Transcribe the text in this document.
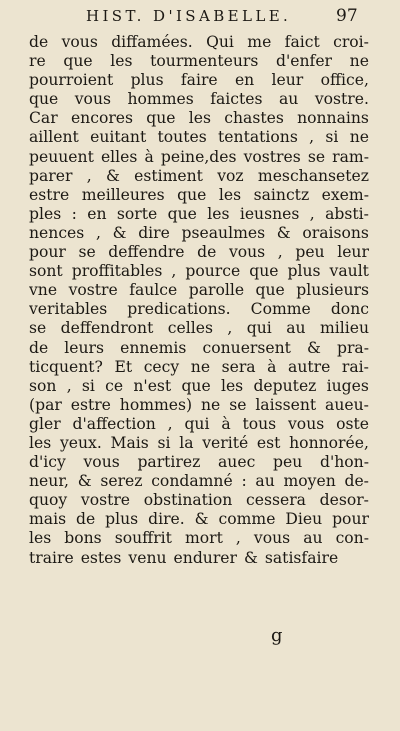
HIST. D'ISABELLE.	97
de vous diffamées. Qui me faict croi-
re que les tourmenteurs d'enfer ne
pourroient plus faire en leur office,
que vous hommes faictes au vostre.
Car encores que les chastes nonnains
aillent euitant toutes tentations , si ne
peuuent elles à peine,des vostres se ram-
parer , & estiment voz meschansetez
estre meilleures que les sainctz exem-
ples : en sorte que les ieusnes , absti-
nences , & dire pseaulmes & oraisons
pour se deffendre de vous , peu leur
sont proffitables , pource que plus vault
vne vostre faulce parolle que plusieurs
veritables predications. Comme donc
se deffendront celles , qui au milieu
de leurs ennemis conuersent & pra-
ticquent? Et cecy ne sera à autre rai-
son , si ce n'est que les deputez iuges
(par estre hommes) ne se laissent aueu-
gler d'affection , qui à tous vous oste
les yeux. Mais si la verité est honnorée,
d'icy vous partirez auec peu d'hon-
neur, & serez condamné : au moyen de-
quoy vostre obstination cessera desor-
mais de plus dire. & comme Dieu pour
les bons souffrit mort , vous au con-
traire estes venu endurer & satisfaire
g
